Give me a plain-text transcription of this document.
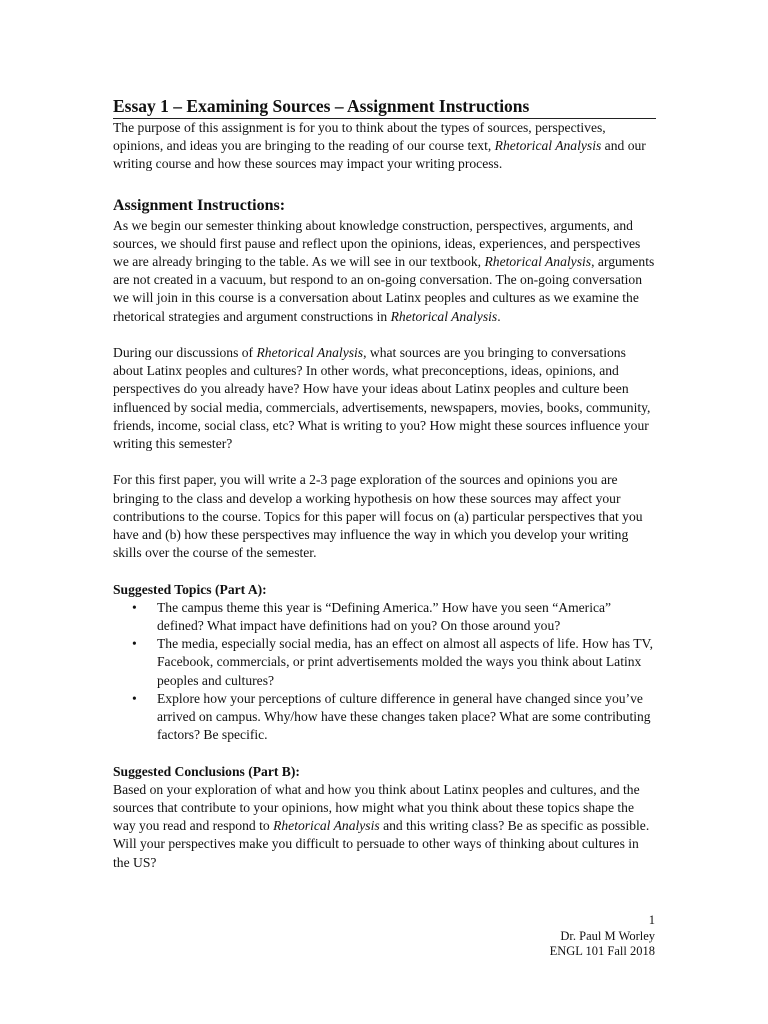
Essay 1 – Examining Sources – Assignment Instructions

The purpose of this assignment is for you to think about the types of sources, perspectives, opinions, and ideas you are bringing to the reading of our course text, Rhetorical Analysis and our writing course and how these sources may impact your writing process.

Assignment Instructions:

As we begin our semester thinking about knowledge construction, perspectives, arguments, and sources, we should first pause and reflect upon the opinions, ideas, experiences, and perspectives we are already bringing to the table. As we will see in our textbook, Rhetorical Analysis, arguments are not created in a vacuum, but respond to an on-going conversation. The on-going conversation we will join in this course is a conversation about Latinx peoples and cultures as we examine the rhetorical strategies and argument constructions in Rhetorical Analysis.

During our discussions of Rhetorical Analysis, what sources are you bringing to conversations about Latinx peoples and cultures? In other words, what preconceptions, ideas, opinions, and perspectives do you already have? How have your ideas about Latinx peoples and culture been influenced by social media, commercials, advertisements, newspapers, movies, books, community, friends, income, social class, etc? What is writing to you? How might these sources influence your writing this semester?

For this first paper, you will write a 2-3 page exploration of the sources and opinions you are bringing to the class and develop a working hypothesis on how these sources may affect your contributions to the course. Topics for this paper will focus on (a) particular perspectives that you have and (b) how these perspectives may influence the way in which you develop your writing skills over the course of the semester.

Suggested Topics (Part A):
• The campus theme this year is “Defining America.” How have you seen “America” defined? What impact have definitions had on you? On those around you?
• The media, especially social media, has an effect on almost all aspects of life. How has TV, Facebook, commercials, or print advertisements molded the ways you think about Latinx peoples and cultures?
• Explore how your perceptions of culture difference in general have changed since you’ve arrived on campus. Why/how have these changes taken place? What are some contributing factors? Be specific.
Suggested Conclusions (Part B):

Based on your exploration of what and how you think about Latinx peoples and cultures, and the sources that contribute to your opinions, how might what you think about these topics shape the way you read and respond to Rhetorical Analysis and this writing class? Be as specific as possible. Will your perspectives make you difficult to persuade to other ways of thinking about cultures in the US?

1
Dr. Paul M Worley
ENGL 101 Fall 2018
